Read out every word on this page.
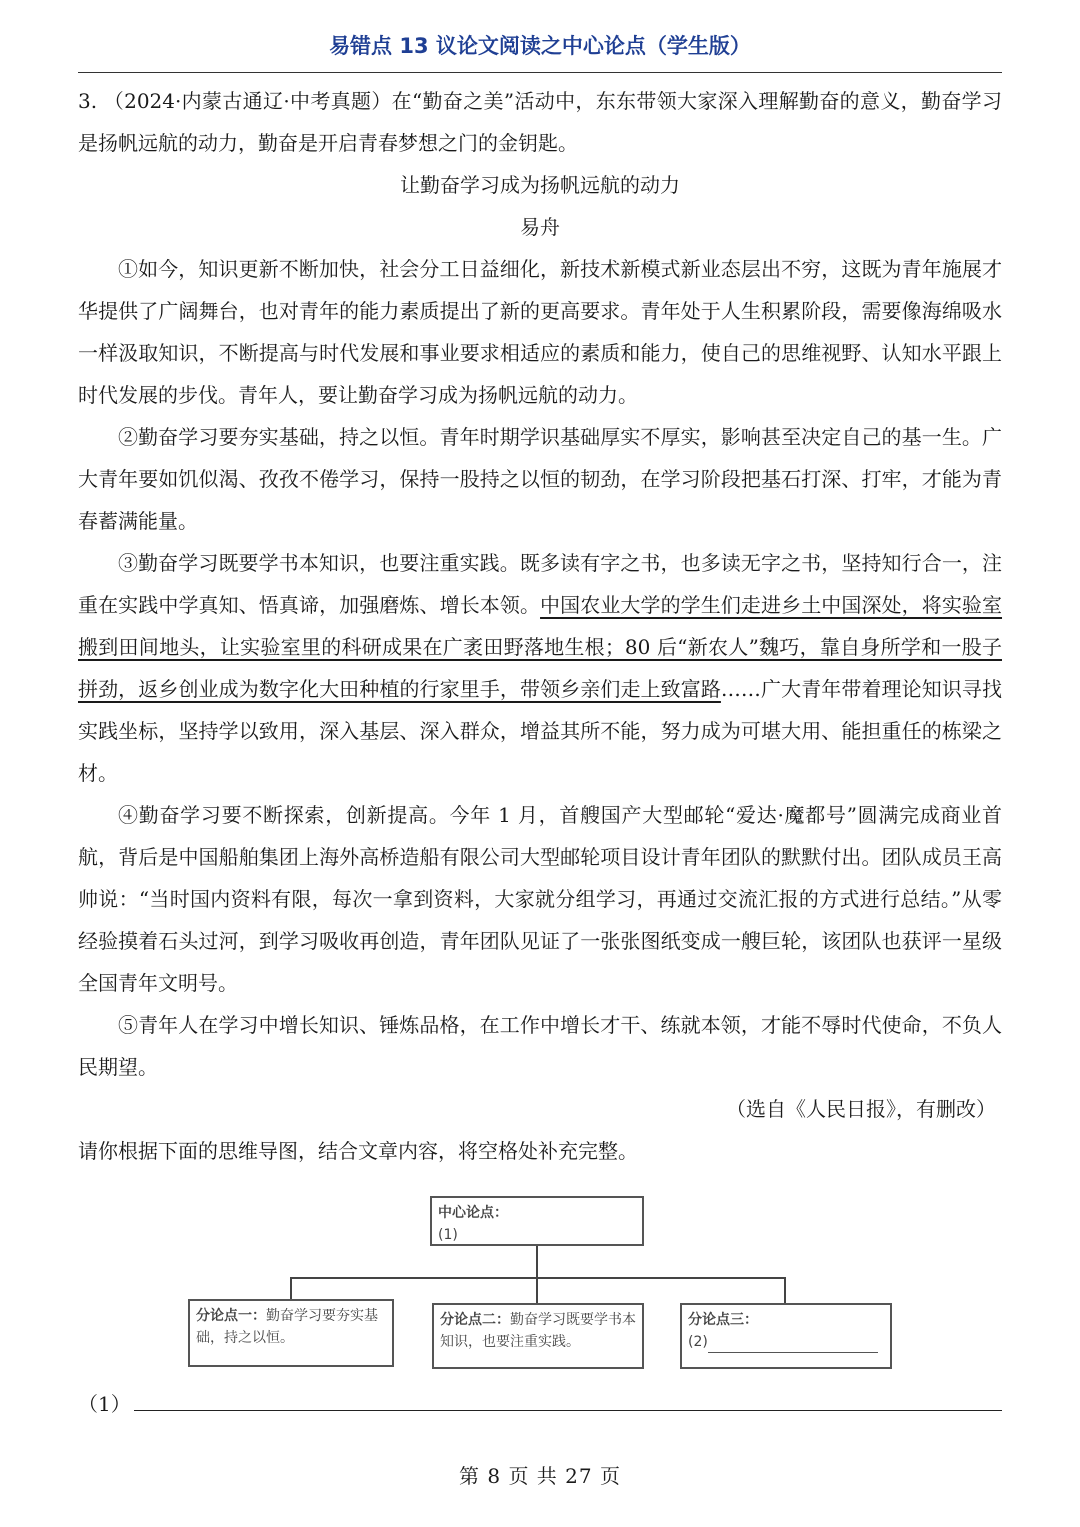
易错点 13 议论文阅读之中心论点（学生版）

3. （2024·内蒙古通辽·中考真题）在“勤奋之美”活动中，东东带领大家深入理解勤奋的意义，勤奋学习是扬帆远航的动力，勤奋是开启青春梦想之门的金钥匙。

让勤奋学习成为扬帆远航的动力

易舟

①如今，知识更新不断加快，社会分工日益细化，新技术新模式新业态层出不穷，这既为青年施展才华提供了广阔舞台，也对青年的能力素质提出了新的更高要求。青年处于人生积累阶段，需要像海绵吸水一样汲取知识，不断提高与时代发展和事业要求相适应的素质和能力，使自己的思维视野、认知水平跟上时代发展的步伐。青年人，要让勤奋学习成为扬帆远航的动力。

②勤奋学习要夯实基础，持之以恒。青年时期学识基础厚实不厚实，影响甚至决定自己的基一生。广大青年要如饥似渴、孜孜不倦学习，保持一股持之以恒的韧劲，在学习阶段把基石打深、打牢，才能为青春蓄满能量。

③勤奋学习既要学书本知识，也要注重实践。既多读有字之书，也多读无字之书，坚持知行合一，注重在实践中学真知、悟真谛，加强磨炼、增长本领。中国农业大学的学生们走进乡土中国深处，将实验室搬到田间地头，让实验室里的科研成果在广袤田野落地生根；80 后“新农人”魏巧，靠自身所学和一股子拼劲，返乡创业成为数字化大田种植的行家里手，带领乡亲们走上致富路……广大青年带着理论知识寻找实践坐标，坚持学以致用，深入基层、深入群众，增益其所不能，努力成为可堪大用、能担重任的栋梁之材。

④勤奋学习要不断探索，创新提高。今年 1 月，首艘国产大型邮轮“爱达·魔都号”圆满完成商业首航，背后是中国船舶集团上海外高桥造船有限公司大型邮轮项目设计青年团队的默默付出。团队成员王高帅说：“当时国内资料有限，每次一拿到资料，大家就分组学习，再通过交流汇报的方式进行总结。”从零经验摸着石头过河，到学习吸收再创造，青年团队见证了一张张图纸变成一艘巨轮，该团队也获评一星级全国青年文明号。

⑤青年人在学习中增长知识、锤炼品格，在工作中增长才干、练就本领，才能不辱时代使命，不负人民期望。

（选自《人民日报》，有删改）

请你根据下面的思维导图，结合文章内容，将空格处补充完整。

中心论点：
(1)
分论点一：勤奋学习要夯实基础，持之以恒。
分论点二：勤奋学习既要学书本知识，也要注重实践。
分论点三：
(2)
（1）
第 8 页 共 27 页
